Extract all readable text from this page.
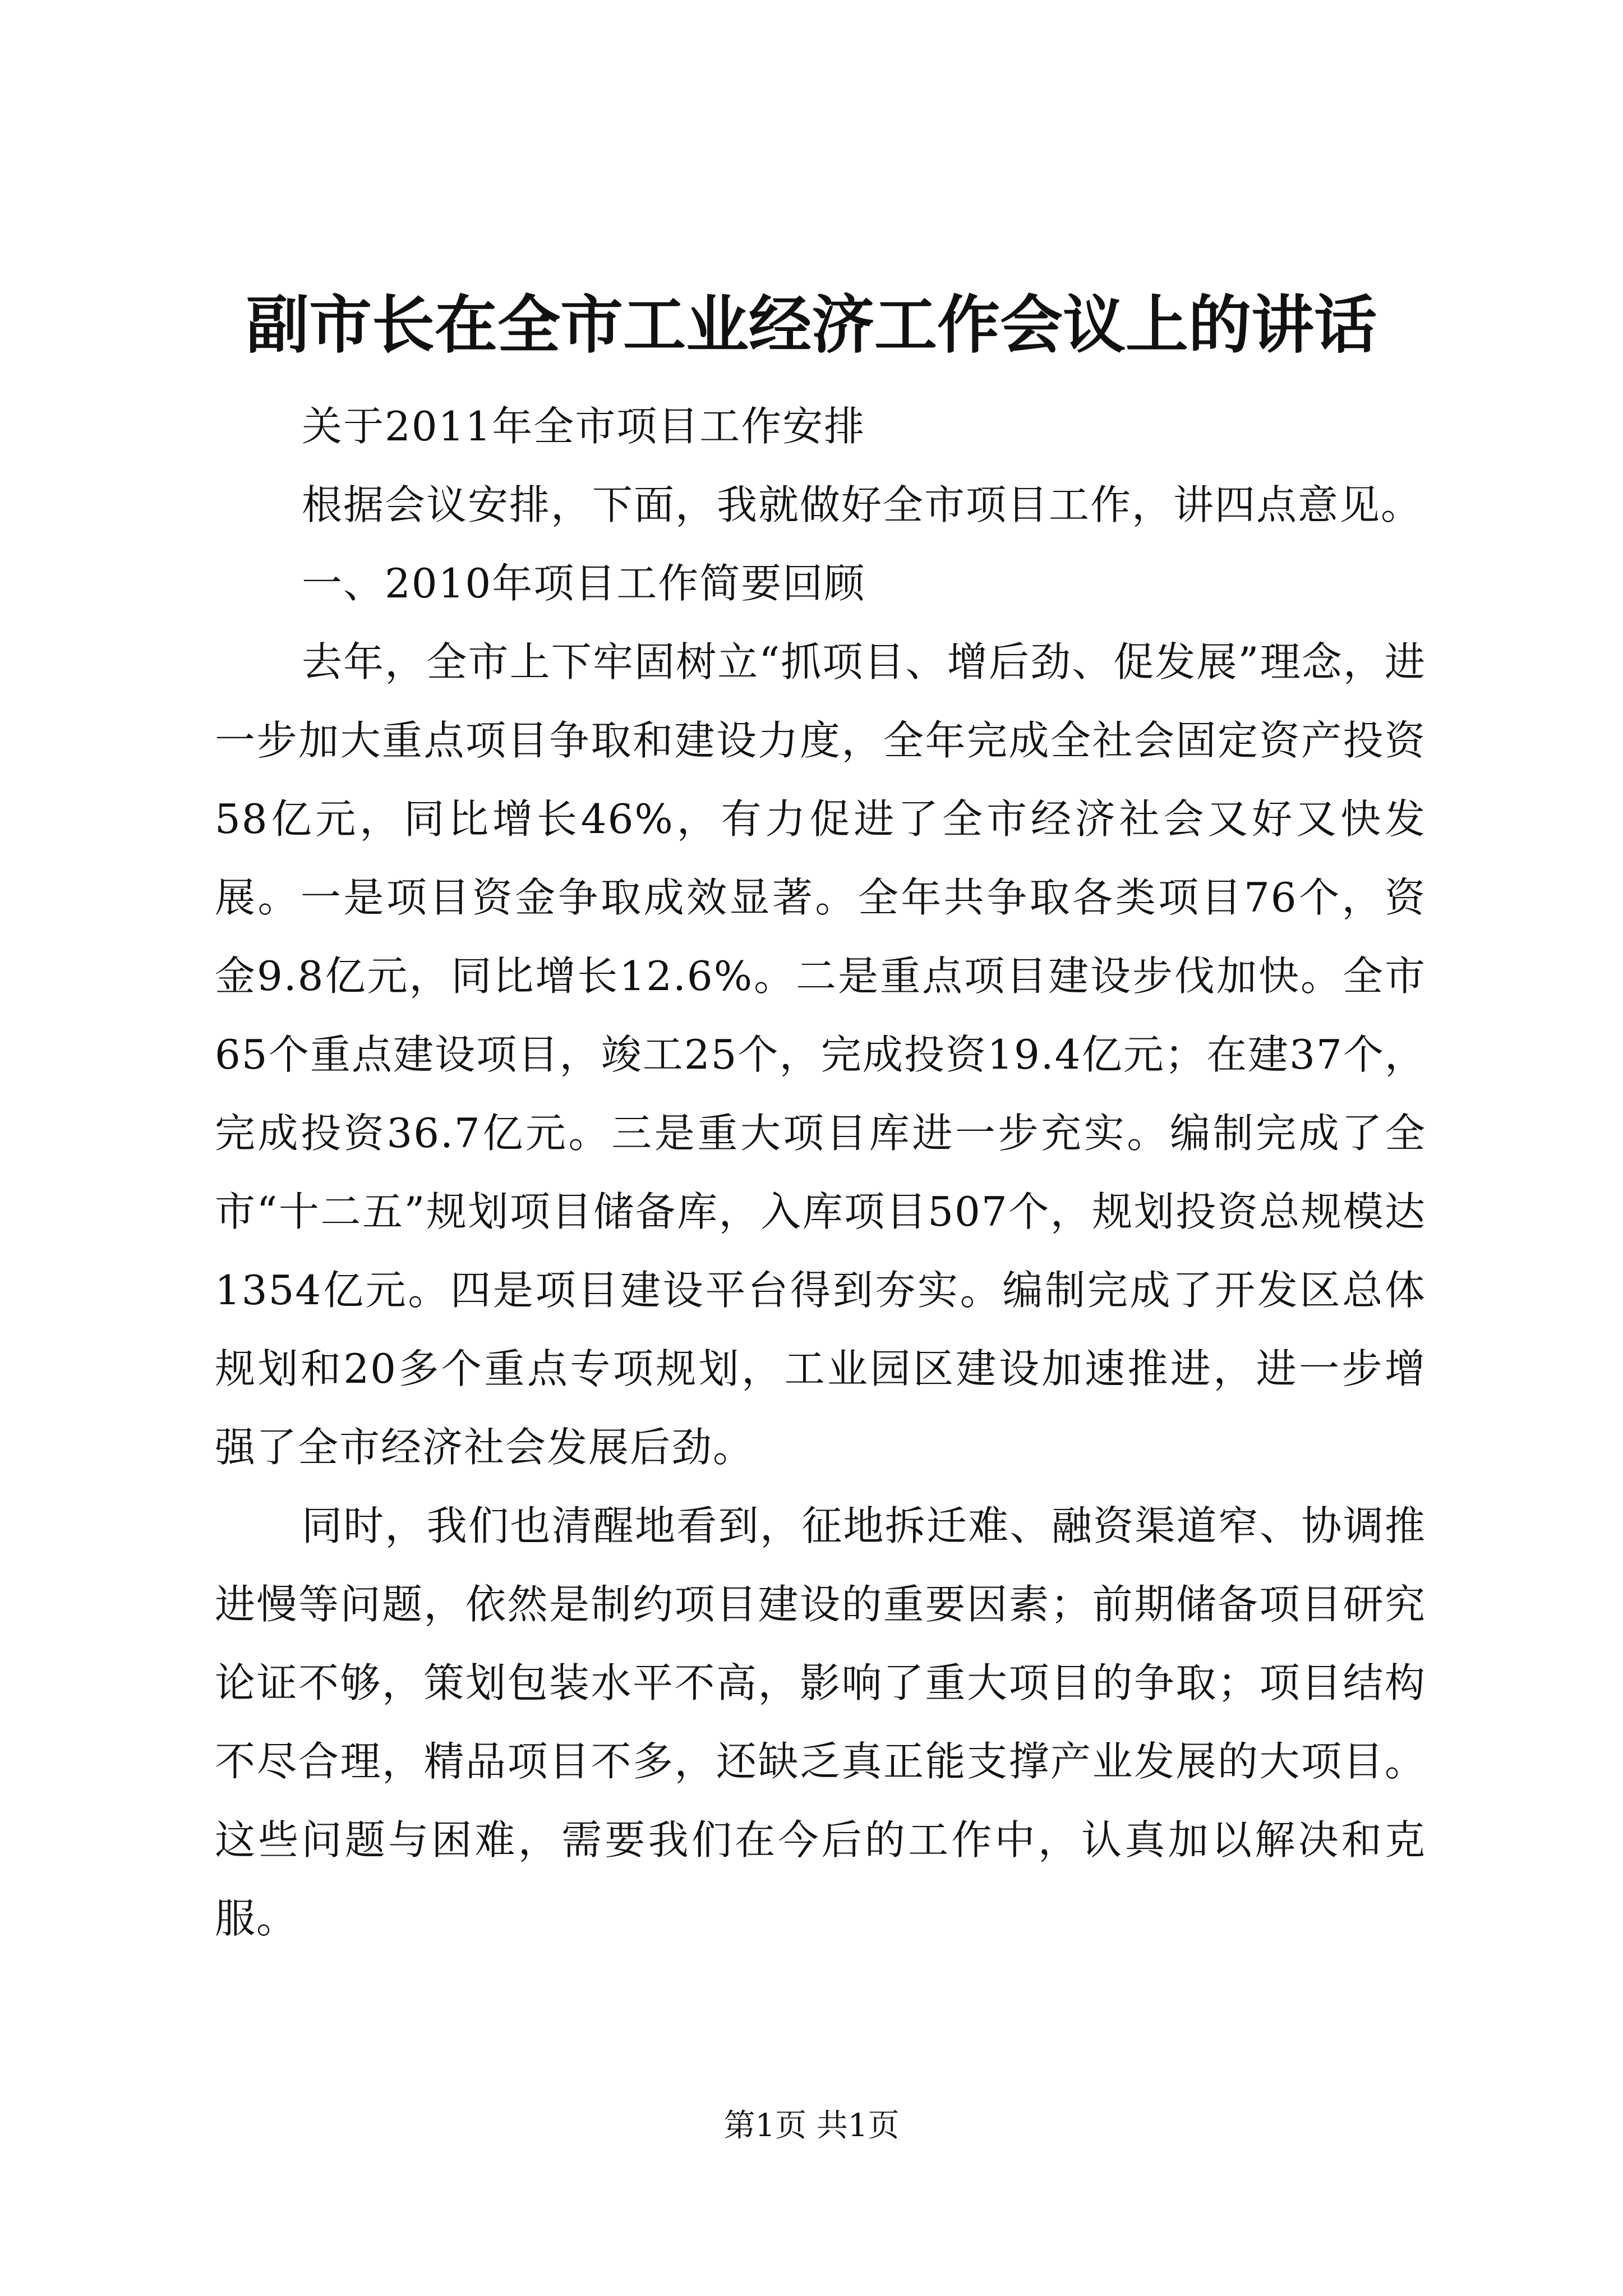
副市长在全市工业经济工作会议上的讲话

关于2011年全市项目工作安排

根据会议安排，下面，我就做好全市项目工作，讲四点意见。

一、2010年项目工作简要回顾

去年，全市上下牢固树立“抓项目、增后劲、促发展”理念，进一步加大重点项目争取和建设力度，全年完成全社会固定资产投资58亿元，同比增长46%，有力促进了全市经济社会又好又快发展。一是项目资金争取成效显著。全年共争取各类项目76个，资金9.8亿元，同比增长12.6%。二是重点项目建设步伐加快。全市65个重点建设项目，竣工25个，完成投资19.4亿元；在建37个，完成投资36.7亿元。三是重大项目库进一步充实。编制完成了全市“十二五”规划项目储备库，入库项目507个，规划投资总规模达1354亿元。四是项目建设平台得到夯实。编制完成了开发区总体规划和20多个重点专项规划，工业园区建设加速推进，进一步增强了全市经济社会发展后劲。

同时，我们也清醒地看到，征地拆迁难、融资渠道窄、协调推进慢等问题，依然是制约项目建设的重要因素；前期储备项目研究论证不够，策划包装水平不高，影响了重大项目的争取；项目结构不尽合理，精品项目不多，还缺乏真正能支撑产业发展的大项目。这些问题与困难，需要我们在今后的工作中，认真加以解决和克服。

第1页 共1页
